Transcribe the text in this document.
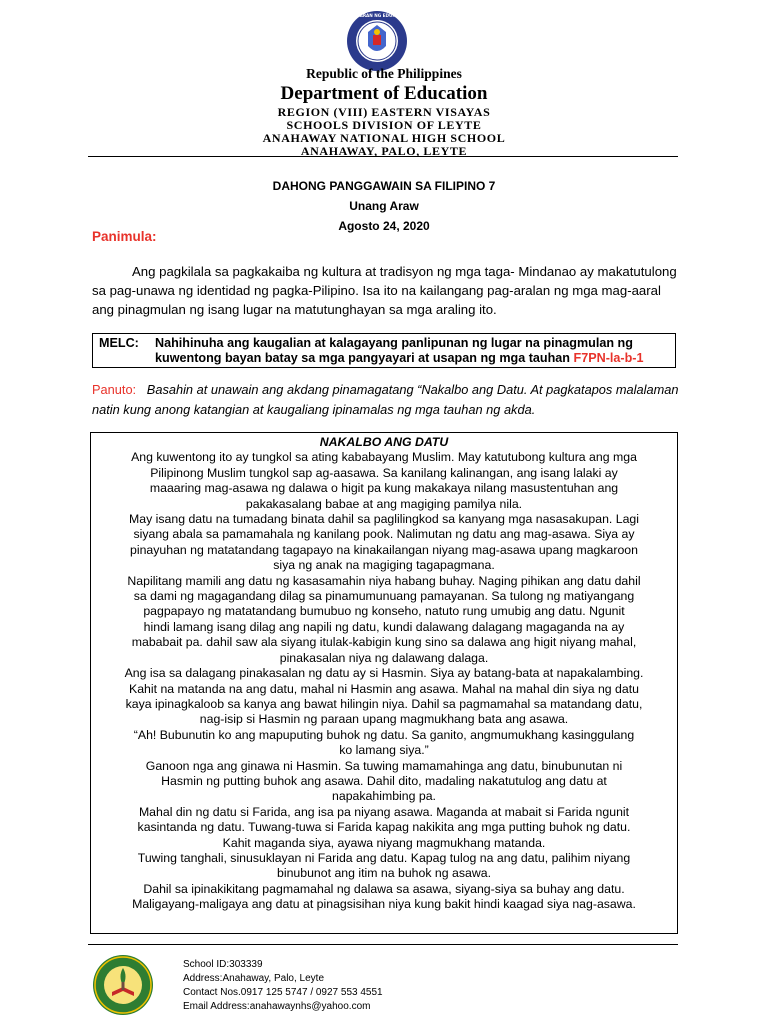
KAGAWARAN NG EDUKASYON
Republic of the Philippines
Department of Education
REGION (VIII) EASTERN VISAYAS
SCHOOLS DIVISION OF LEYTE
ANAHAWAY NATIONAL HIGH SCHOOL
ANAHAWAY, PALO, LEYTE
DAHONG PANGGAWAIN SA FILIPINO 7
Unang Araw
Agosto 24, 2020
Panimula:

Ang pagkilala sa pagkakaiba ng kultura at tradisyon ng mga taga- Mindanao ay makatutulong sa pag-unawa ng identidad ng pagka-Pilipino. Isa ito na kailangang pag-aralan ng mga mag-aaral ang pinagmulan ng isang lugar na matutunghayan sa mga araling ito.

MELC: Nahihinuha ang kaugalian at kalagayang panlipunan ng lugar na pinagmulan ng
kuwentong bayan batay sa mga pangyayari at usapan ng mga tauhan F7PN-la-b-1
Panuto: Basahin at unawain ang akdang pinamagatang “Nakalbo ang Datu. At pagkatapos malalaman natin kung anong katangian at kaugaliang ipinamalas ng mga tauhan ng akda.
NAKALBO ANG DATU
Ang kuwentong ito ay tungkol sa ating kababayang Muslim. May katutubong kultura ang mga
Pilipinong Muslim tungkol sap ag-aasawa. Sa kanilang kalinangan, ang isang lalaki ay
maaaring mag-asawa ng dalawa o higit pa kung makakaya nilang masustentuhan ang
pakakasalang babae at ang magiging pamilya nila.
May isang datu na tumadang binata dahil sa paglilingkod sa kanyang mga nasasakupan. Lagi
siyang abala sa pamamahala ng kanilang pook. Nalimutan ng datu ang mag-asawa. Siya ay
pinayuhan ng matatandang tagapayo na kinakailangan niyang mag-asawa upang magkaroon
siya ng anak na magiging tagapagmana.
Napilitang mamili ang datu ng kasasamahin niya habang buhay. Naging pihikan ang datu dahil
sa dami ng magagandang dilag sa pinamumunuang pamayanan. Sa tulong ng matiyangang
pagpapayo ng matatandang bumubuo ng konseho, natuto rung umubig ang datu. Ngunit
hindi lamang isang dilag ang napili ng datu, kundi dalawang dalagang magaganda na ay
mababait pa. dahil saw ala siyang itulak-kabigin kung sino sa dalawa ang higit niyang mahal,
pinakasalan niya ng dalawang dalaga.
Ang isa sa dalagang pinakasalan ng datu ay si Hasmin. Siya ay batang-bata at napakalambing.
Kahit na matanda na ang datu, mahal ni Hasmin ang asawa. Mahal na mahal din siya ng datu
kaya ipinagkaloob sa kanya ang bawat hilingin niya. Dahil sa pagmamahal sa matandang datu,
nag-isip si Hasmin ng paraan upang magmukhang bata ang asawa.
“Ah! Bubunutin ko ang mapuputing buhok ng datu. Sa ganito, angmumukhang kasinggulang
ko lamang siya.”
Ganoon nga ang ginawa ni Hasmin. Sa tuwing mamamahinga ang datu, binubunutan ni
Hasmin ng putting buhok ang asawa. Dahil dito, madaling nakatutulog ang datu at
napakahimbing pa.
Mahal din ng datu si Farida, ang isa pa niyang asawa. Maganda at mabait si Farida ngunit
kasintanda ng datu. Tuwang-tuwa si Farida kapag nakikita ang mga putting buhok ng datu.
Kahit maganda siya, ayawa niyang magmukhang matanda.
Tuwing tanghali, sinusuklayan ni Farida ang datu. Kapag tulog na ang datu, palihim niyang
binubunot ang itim na buhok ng asawa.
Dahil sa ipinakikitang pagmamahal ng dalawa sa asawa, siyang-siya sa buhay ang datu.
Maligayang-maligaya ang datu at pinagsisihan niya kung bakit hindi kaagad siya nag-asawa.
School ID:303339
Address:Anahaway, Palo, Leyte
Contact Nos.0917 125 5747 / 0927 553 4551
Email Address:anahawaynhs@yahoo.com
